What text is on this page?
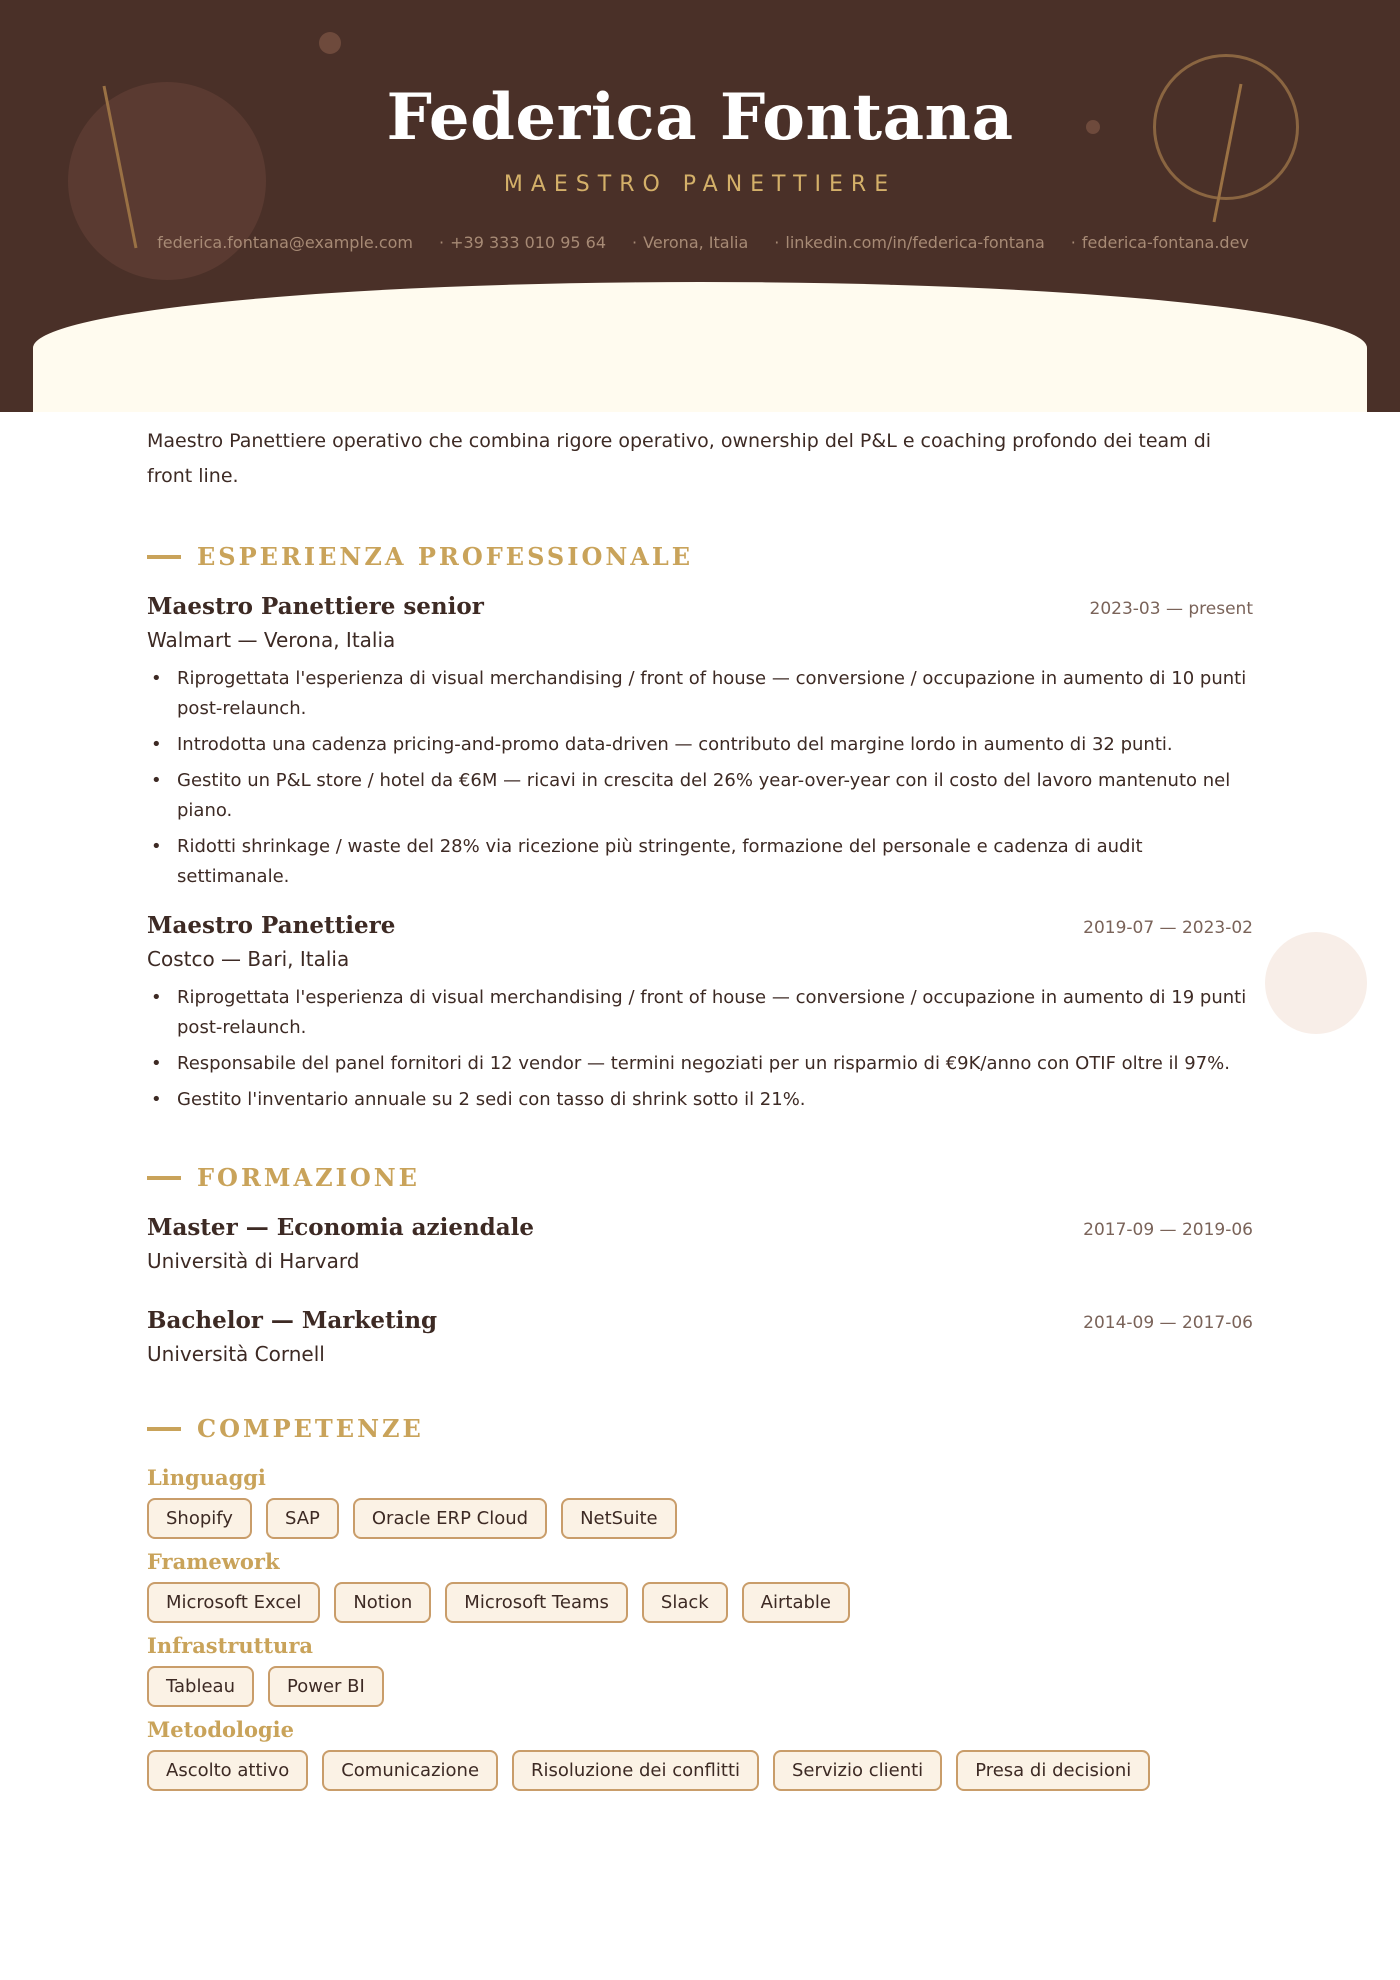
Federica Fontana
MAESTRO PANETTIERE
federica.fontana@example.com · +39 333 010 95 64 · Verona, Italia · linkedin.com/in/federica-fontana · federica-fontana.dev

Maestro Panettiere operativo che combina rigore operativo, ownership del P&L e coaching profondo dei team di front line.

ESPERIENZA PROFESSIONALE
Maestro Panettiere senior	2023-03 — present
Walmart — Verona, Italia
• Riprogettata l'esperienza di visual merchandising / front of house — conversione / occupazione in aumento di 10 punti post-relaunch.
• Introdotta una cadenza pricing-and-promo data-driven — contributo del margine lordo in aumento di 32 punti.
• Gestito un P&L store / hotel da €6M — ricavi in crescita del 26% year-over-year con il costo del lavoro mantenuto nel piano.
• Ridotti shrinkage / waste del 28% via ricezione più stringente, formazione del personale e cadenza di audit settimanale.
Maestro Panettiere	2019-07 — 2023-02
Costco — Bari, Italia
• Riprogettata l'esperienza di visual merchandising / front of house — conversione / occupazione in aumento di 19 punti post-relaunch.
• Responsabile del panel fornitori di 12 vendor — termini negoziati per un risparmio di €9K/anno con OTIF oltre il 97%.
• Gestito l'inventario annuale su 2 sedi con tasso di shrink sotto il 21%.
FORMAZIONE
Master — Economia aziendale	2017-09 — 2019-06
Università di Harvard
Bachelor — Marketing	2014-09 — 2017-06
Università Cornell
COMPETENZE
Linguaggi
Shopify	SAP	Oracle ERP Cloud	NetSuite
Framework
Microsoft Excel	Notion	Microsoft Teams	Slack	Airtable
Infrastruttura
Tableau	Power BI
Metodologie
Ascolto attivo	Comunicazione	Risoluzione dei conflitti	Servizio clienti	Presa di decisioni
